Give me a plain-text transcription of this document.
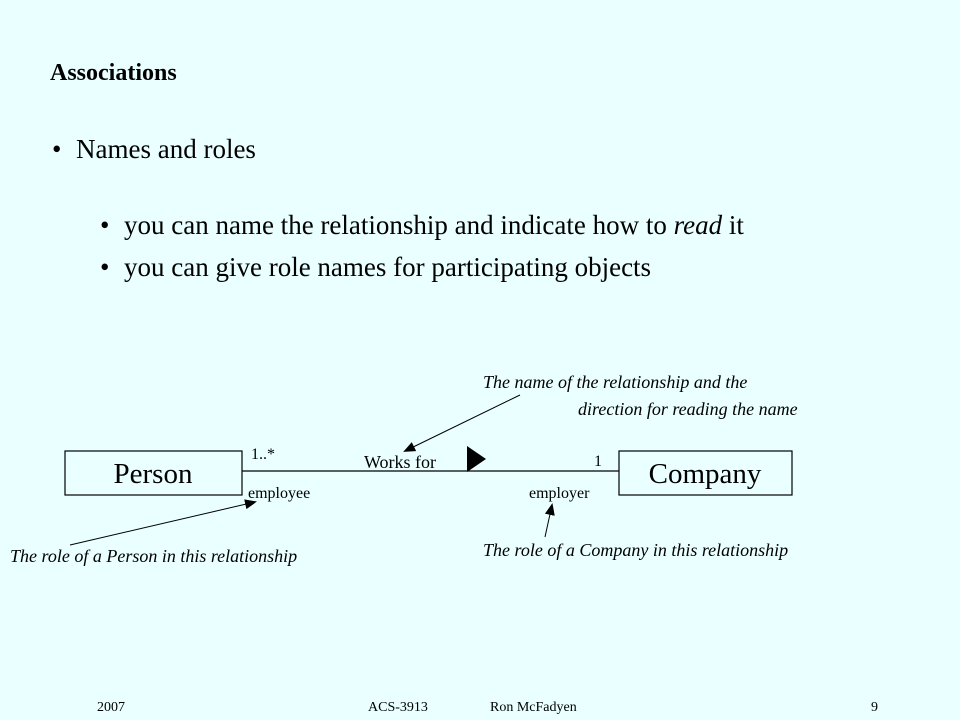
Associations
• Names and roles
• you can name the relationship and indicate how to read it
• you can give role names for participating objects
Person	Company
Works for
1..*	1
employee	employer
The name of the relationship and the
direction for reading the name
The role of a Person in this relationship	The role of a Company in this relationship
2007	ACS-3913	Ron McFadyen	9
